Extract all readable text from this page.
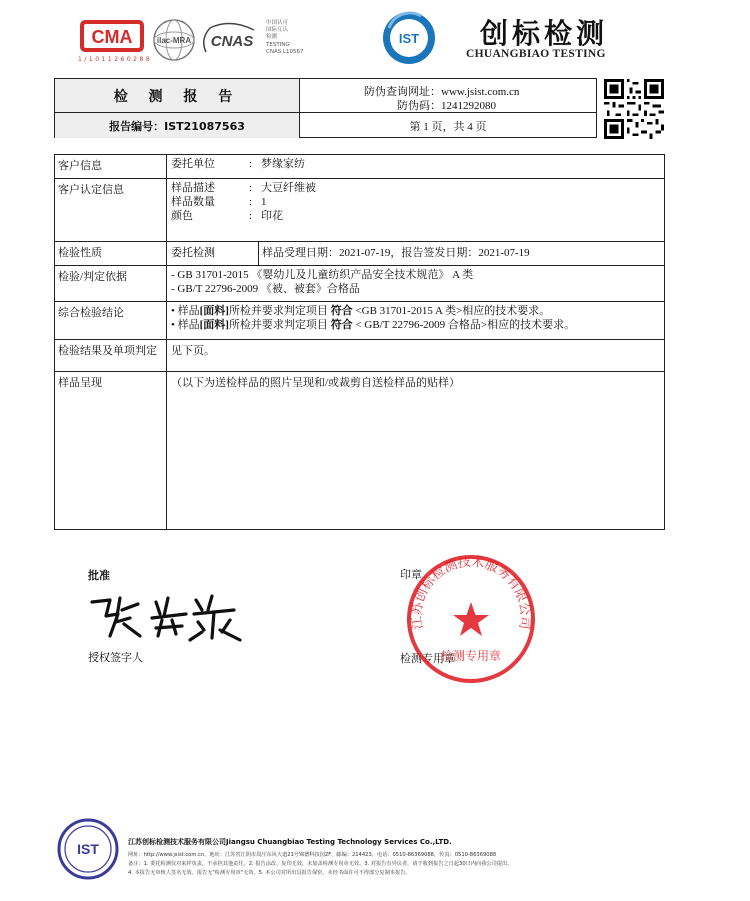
CMA
1 / 1 0 1 1 2 6 0 2 8 8
ilac-MRA CNAS
中国认可
国际互认
检测
TESTING
CNAS L10567
IST 创标检测
CHUANGBIAO TESTING
检 测 报 告
报告编号：IST21087563
防伪查询网址：www.jsist.com.cn
防伪码：1241292080
第 1 页，共 4 页
客户信息	委托单位	: 梦缘家纺
客户认定信息	样品描述	: 大豆纤维被
样品数量	: 1
颜色	: 印花
检验性质	委托检测	样品受理日期：2021-07-19，报告签发日期：2021-07-19
检验/判定依据	- GB 31701-2015 《婴幼儿及儿童纺织产品安全技术规范》 A 类
- GB/T 22796-2009 《被、被套》合格品
综合检验结论	• 样品[面料]所检并要求判定项目 符合 <GB 31701-2015 A 类>相应的技术要求。
• 样品[面料]所检并要求判定项目 符合 < GB/T 22796-2009 合格品>相应的技术要求。
检验结果及单项判定	见下页。
样品呈现	（以下为送检样品的照片呈现和/或裁剪自送检样品的贴样）
批准
授权签字人
印章
检测专用章
江苏创标检测技术服务有限公司
检测专用章
IST	江苏创标检测技术服务有限公司Jiangsu Chuangbiao Testing Technology Services Co.,LTD.
网址：http://www.jsist.com.cn，地址：江苏省江阴市周庄东风大道21号锦德科技园2F，邮编：214423，电话：0510-86369088，传真：0510-86369088
备注：1. 委托检测仅对来样负责，不承担其他责任。2. 报告涂改、复印无效，未加盖检测专用章无效。3. 对报告有异议者，请于收到报告之日起30日内向我公司提出。
4. 本报告无审核人签名无效。报告无"检测专用章"无效。5. 本公司对所出具报告保密，未经书面许可不得部分复制本报告。
